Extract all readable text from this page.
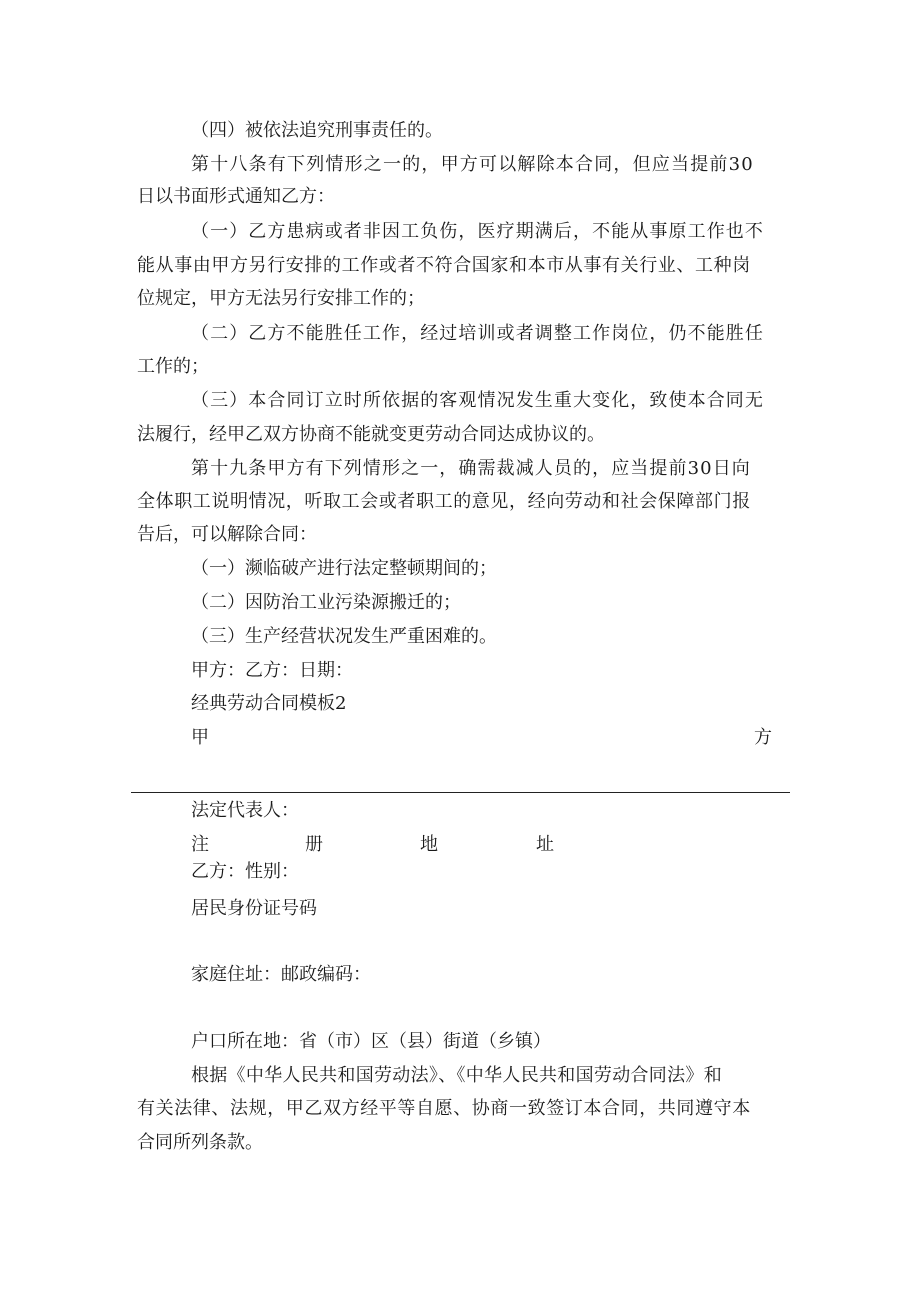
（四）被依法追究刑事责任的。
第十八条有下列情形之一的，甲方可以解除本合同，但应当提前30
日以书面形式通知乙方：
（一）乙方患病或者非因工负伤，医疗期满后，不能从事原工作也不
能从事由甲方另行安排的工作或者不符合国家和本市从事有关行业、工种岗
位规定，甲方无法另行安排工作的；
（二）乙方不能胜任工作，经过培训或者调整工作岗位，仍不能胜任
工作的；
（三）本合同订立时所依据的客观情况发生重大变化，致使本合同无
法履行，经甲乙双方协商不能就变更劳动合同达成协议的。
第十九条甲方有下列情形之一，确需裁减人员的，应当提前30日向
全体职工说明情况，听取工会或者职工的意见，经向劳动和社会保障部门报
告后，可以解除合同：
（一）濒临破产进行法定整顿期间的；
（二）因防治工业污染源搬迁的；
（三）生产经营状况发生严重困难的。
甲方：乙方：日期：
经典劳动合同模板2
甲	方
法定代表人：
注	册	地	址
乙方：性别：
居民身份证号码
家庭住址：邮政编码：
户口所在地：省（市）区（县）街道（乡镇）
根据《中华人民共和国劳动法》、《中华人民共和国劳动合同法》和
有关法律、法规，甲乙双方经平等自愿、协商一致签订本合同，共同遵守本
合同所列条款。
